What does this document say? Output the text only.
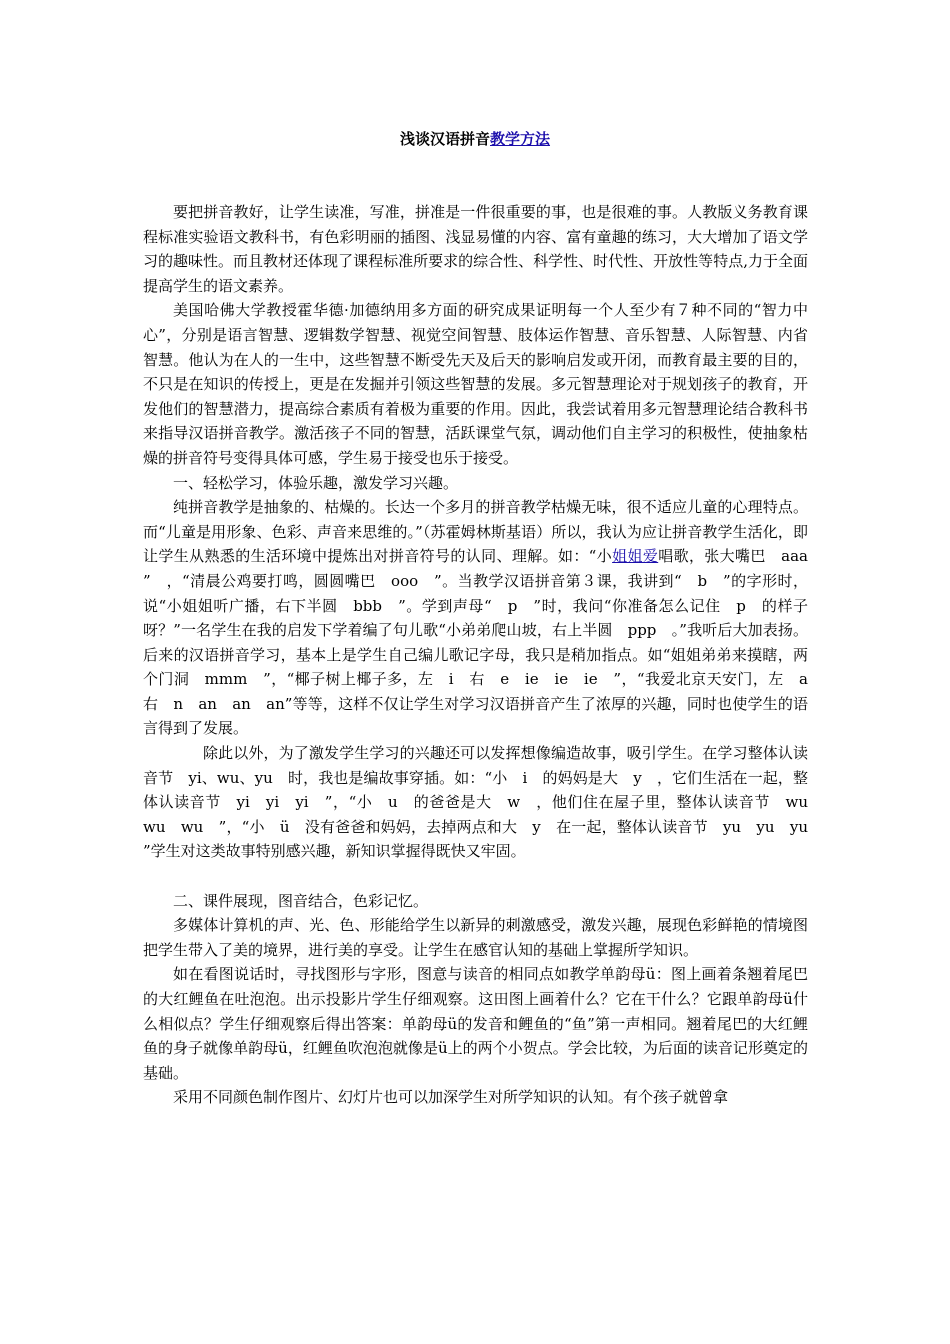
浅谈汉语拼音教学方法

要把拼音教好，让学生读准，写准，拼准是一件很重要的事，也是很难的事。人教版义务教育课程标准实验语文教科书，有色彩明丽的插图、浅显易懂的内容、富有童趣的练习，大大增加了语文学习的趣味性。而且教材还体现了课程标准所要求的综合性、科学性、时代性、开放性等特点,力于全面提高学生的语文素养。

美国哈佛大学教授霍华德·加德纳用多方面的研究成果证明每一个人至少有７种不同的“智力中心”，分别是语言智慧、逻辑数学智慧、视觉空间智慧、肢体运作智慧、音乐智慧、人际智慧、内省智慧。他认为在人的一生中，这些智慧不断受先天及后天的影响启发或开闭，而教育最主要的目的，不只是在知识的传授上，更是在发掘并引领这些智慧的发展。多元智慧理论对于规划孩子的教育，开发他们的智慧潜力，提高综合素质有着极为重要的作用。因此，我尝试着用多元智慧理论结合教科书来指导汉语拼音教学。激活孩子不同的智慧，活跃课堂气氛，调动他们自主学习的积极性，使抽象枯燥的拼音符号变得具体可感，学生易于接受也乐于接受。

一、轻松学习，体验乐趣，激发学习兴趣。

纯拼音教学是抽象的、枯燥的。长达一个多月的拼音教学枯燥无味，很不适应儿童的心理特点。而“儿童是用形象、色彩、声音来思维的。”（苏霍姆林斯基语）所以，我认为应让拼音教学生活化，即让学生从熟悉的生活环境中提炼出对拼音符号的认同、理解。如：“小姐姐爱唱歌，张大嘴巴　aaa　”　，“清晨公鸡要打鸣，圆圆嘴巴　ooo　”。当教学汉语拼音第３课，我讲到“　b　”的字形时，说“小姐姐听广播，右下半圆　bbb　”。学到声母“　p　”时，我问“你准备怎么记住　p　的样子呀？”一名学生在我的启发下学着编了句儿歌“小弟弟爬山坡，右上半圆　ppp　。”我听后大加表扬。后来的汉语拼音学习，基本上是学生自己编儿歌记字母，我只是稍加指点。如“姐姐弟弟来摸瞎，两个门洞　mmm　”，“椰子树上椰子多，左　i　右　e　ie　ie　ie　”，“我爱北京天安门，左　a　右　n　an　an　an”等等，这样不仅让学生对学习汉语拼音产生了浓厚的兴趣，同时也使学生的语言得到了发展。

除此以外，为了激发学生学习的兴趣还可以发挥想像编造故事，吸引学生。在学习整体认读音节　yi、wu、yu　时，我也是编故事穿插。如：“小　i　的妈妈是大　y　，它们生活在一起，整体认读音节　yi　yi　yi　”，“小　u　的爸爸是大　w　，他们住在屋子里，整体认读音节　wu　wu　wu　”，“小　ü　没有爸爸和妈妈，去掉两点和大　y　在一起，整体认读音节　yu　yu　yu　”学生对这类故事特别感兴趣，新知识掌握得既快又牢固。

二、课件展现，图音结合，色彩记忆。

多媒体计算机的声、光、色、形能给学生以新异的刺激感受，激发兴趣，展现色彩鲜艳的情境图把学生带入了美的境界，进行美的享受。让学生在感官认知的基础上掌握所学知识。

如在看图说话时，寻找图形与字形，图意与读音的相同点如教学单韵母ü：图上画着条翘着尾巴的大红鲤鱼在吐泡泡。出示投影片学生仔细观察。这田图上画着什么？它在干什么？它跟单韵母ü什么相似点？学生仔细观察后得出答案：单韵母ü的发音和鲤鱼的“鱼”第一声相同。翘着尾巴的大红鲤鱼的身子就像单韵母ü，红鲤鱼吹泡泡就像是ü上的两个小贺点。学会比较，为后面的读音记形奠定的基础。

采用不同颜色制作图片、幻灯片也可以加深学生对所学知识的认知。有个孩子就曾拿
